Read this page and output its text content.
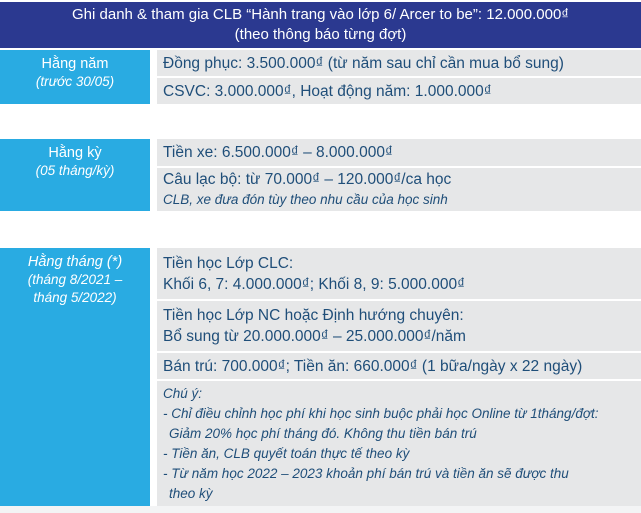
Ghi danh & tham gia CLB “Hành trang vào lớp 6/ Arcer to be”: 12.000.000₫
(theo thông báo từng đợt)
Hằng năm
(trước 30/05)
Đồng phục: 3.500.000₫ (từ năm sau chỉ cần mua bổ sung)
CSVC: 3.000.000₫, Hoạt động năm: 1.000.000₫
Hằng kỳ
(05 tháng/kỳ)
Tiền xe: 6.500.000₫ – 8.000.000₫
Câu lạc bộ: từ 70.000₫ – 120.000₫/ca học
CLB, xe đưa đón tùy theo nhu cầu của học sinh
Hằng tháng (*)
(tháng 8/2021 –
tháng 5/2022)
Tiền học Lớp CLC:
Khối 6, 7: 4.000.000₫; Khối 8, 9: 5.000.000₫
Tiền học Lớp NC hoặc Định hướng chuyên:
Bổ sung từ 20.000.000₫ – 25.000.000₫/năm
Bán trú: 700.000₫; Tiền ăn: 660.000₫ (1 bữa/ngày x 22 ngày)
Chú ý:
- Chỉ điều chỉnh học phí khi học sinh buộc phải học Online từ 1tháng/đợt:
Giảm 20% học phí tháng đó. Không thu tiền bán trú
- Tiền ăn, CLB quyết toán thực tế theo kỳ
- Từ năm học 2022 – 2023 khoản phí bán trú và tiền ăn sẽ được thu
theo kỳ
